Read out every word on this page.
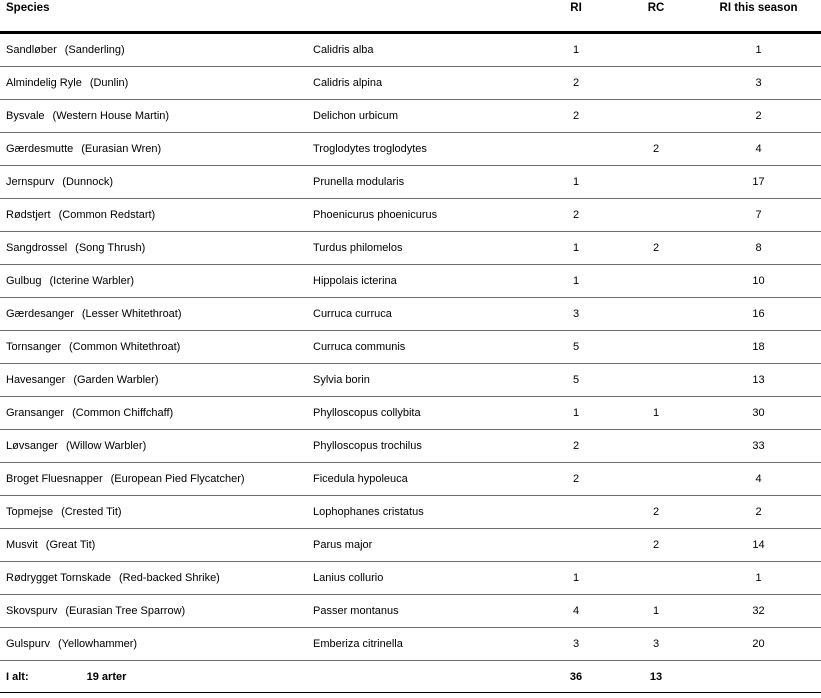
Species		RI	RC	RI this season
Sandløber (Sanderling)	Calidris alba	1		1
Almindelig Ryle (Dunlin)	Calidris alpina	2		3
Bysvale (Western House Martin)	Delichon urbicum	2		2
Gærdesmutte (Eurasian Wren)	Troglodytes troglodytes		2	4
Jernspurv (Dunnock)	Prunella modularis	1		17
Rødstjert (Common Redstart)	Phoenicurus phoenicurus	2		7
Sangdrossel (Song Thrush)	Turdus philomelos	1	2	8
Gulbug (Icterine Warbler)	Hippolais icterina	1		10
Gærdesanger (Lesser Whitethroat)	Curruca curruca	3		16
Tornsanger (Common Whitethroat)	Curruca communis	5		18
Havesanger (Garden Warbler)	Sylvia borin	5		13
Gransanger (Common Chiffchaff)	Phylloscopus collybita	1	1	30
Løvsanger (Willow Warbler)	Phylloscopus trochilus	2		33
Broget Fluesnapper (European Pied Flycatcher)	Ficedula hypoleuca	2		4
Topmejse (Crested Tit)	Lophophanes cristatus		2	2
Musvit (Great Tit)	Parus major		2	14
Rødrygget Tornskade (Red-backed Shrike)	Lanius collurio	1		1
Skovspurv (Eurasian Tree Sparrow)	Passer montanus	4	1	32
Gulspurv (Yellowhammer)	Emberiza citrinella	3	3	20
I alt: 19 arter		36	13	
